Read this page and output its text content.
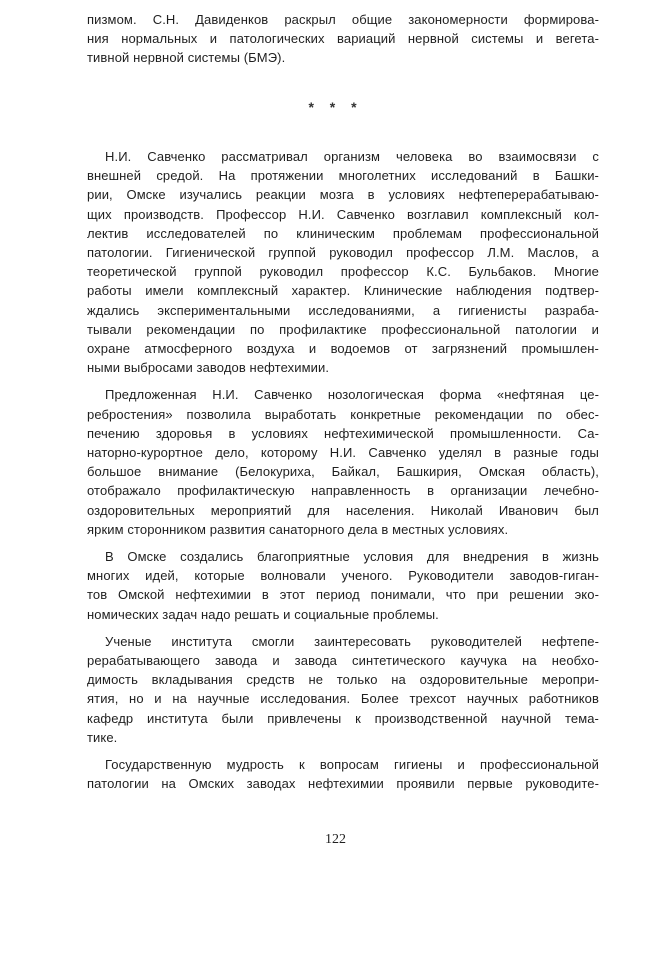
пизмом. С.Н. Давиденков раскрыл общие закономерности формирова-
ния нормальных и патологических вариаций нервной системы и вегета-
тивной нервной системы (БМЭ).
* * *
Н.И. Савченко рассматривал организм человека во взаимосвязи с
внешней средой. На протяжении многолетних исследований в Башки-
рии, Омске изучались реакции мозга в условиях нефтеперерабатываю-
щих производств. Профессор Н.И. Савченко возглавил комплексный кол-
лектив исследователей по клиническим проблемам профессиональной
патологии. Гигиенической группой руководил профессор Л.М. Маслов, а
теоретической группой руководил профессор К.С. Бульбаков. Многие
работы имели комплексный характер. Клинические наблюдения подтвер-
ждались экспериментальными исследованиями, а гигиенисты разраба-
тывали рекомендации по профилактике профессиональной патологии и
охране атмосферного воздуха и водоемов от загрязнений промышлен-
ными выбросами заводов нефтехимии.
Предложенная Н.И. Савченко нозологическая форма «нефтяная це-
ребростения» позволила выработать конкретные рекомендации по обес-
печению здоровья в условиях нефтехимической промышленности. Са-
наторно-курортное дело, которому Н.И. Савченко уделял в разные годы
большое внимание (Белокуриха, Байкал, Башкирия, Омская область),
отображало профилактическую направленность в организации лечебно-
оздоровительных мероприятий для населения. Николай Иванович был
ярким сторонником развития санаторного дела в местных условиях.
В Омске создались благоприятные условия для внедрения в жизнь
многих идей, которые волновали ученого. Руководители заводов-гиган-
тов Омской нефтехимии в этот период понимали, что при решении эко-
номических задач надо решать и социальные проблемы.
Ученые института смогли заинтересовать руководителей нефтепе-
рерабатывающего завода и завода синтетического каучука на необхо-
димость вкладывания средств не только на оздоровительные меропри-
ятия, но и на научные исследования. Более трехсот научных работников
кафедр института были привлечены к производственной научной тема-
тике.
Государственную мудрость к вопросам гигиены и профессиональной
патологии на Омских заводах нефтехимии проявили первые руководите-
122
